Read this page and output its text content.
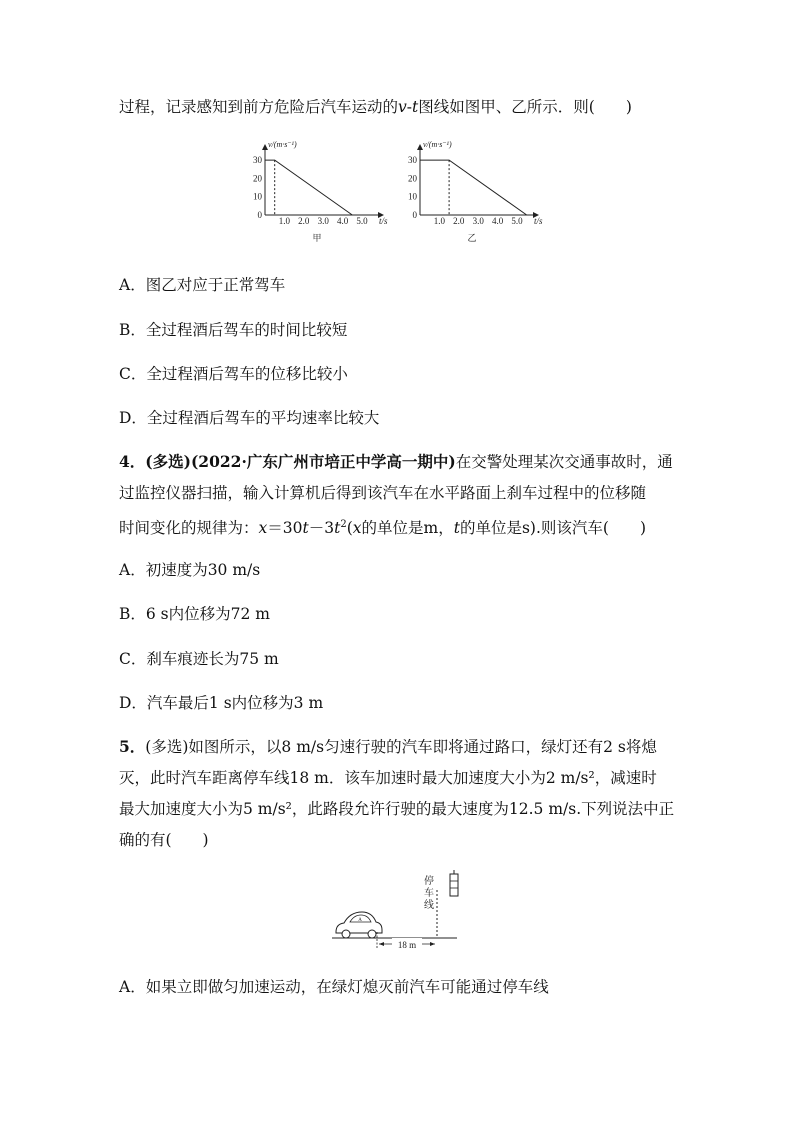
过程，记录感知到前方危险后汽车运动的v-t图线如图甲、乙所示．则(　　)
v/(m·s⁻¹)
t/s
30
20
10
0
1.0 2.0 3.0 4.0 5.0
甲
v/(m·s⁻¹)
t/s
30
20
10
0
1.0 2.0 3.0 4.0 5.0
乙
A．图乙对应于正常驾车
B．全过程酒后驾车的时间比较短
C．全过程酒后驾车的位移比较小
D．全过程酒后驾车的平均速率比较大
4．(多选)(2022·广东广州市培正中学高一期中)在交警处理某次交通事故时，通
过监控仪器扫描，输入计算机后得到该汽车在水平路面上刹车过程中的位移随
时间变化的规律为：$x=30t-3t^2(x$的单位是m，t的单位是s).则该汽车(　　)
A．初速度为30 m/s
B．6 s内位移为72 m
C．刹车痕迹长为75 m
D．汽车最后1 s内位移为3 m
5．(多选)如图所示，以8 m/s匀速行驶的汽车即将通过路口，绿灯还有2 s将熄
灭，此时汽车距离停车线18 m．该车加速时最大加速度大小为2 m/s²，减速时
最大加速度大小为5 m/s²，此路段允许行驶的最大速度为12.5 m/s.下列说法中正
确的有(　　)
A
18 m
停
车
线
A．如果立即做匀加速运动，在绿灯熄灭前汽车可能通过停车线
